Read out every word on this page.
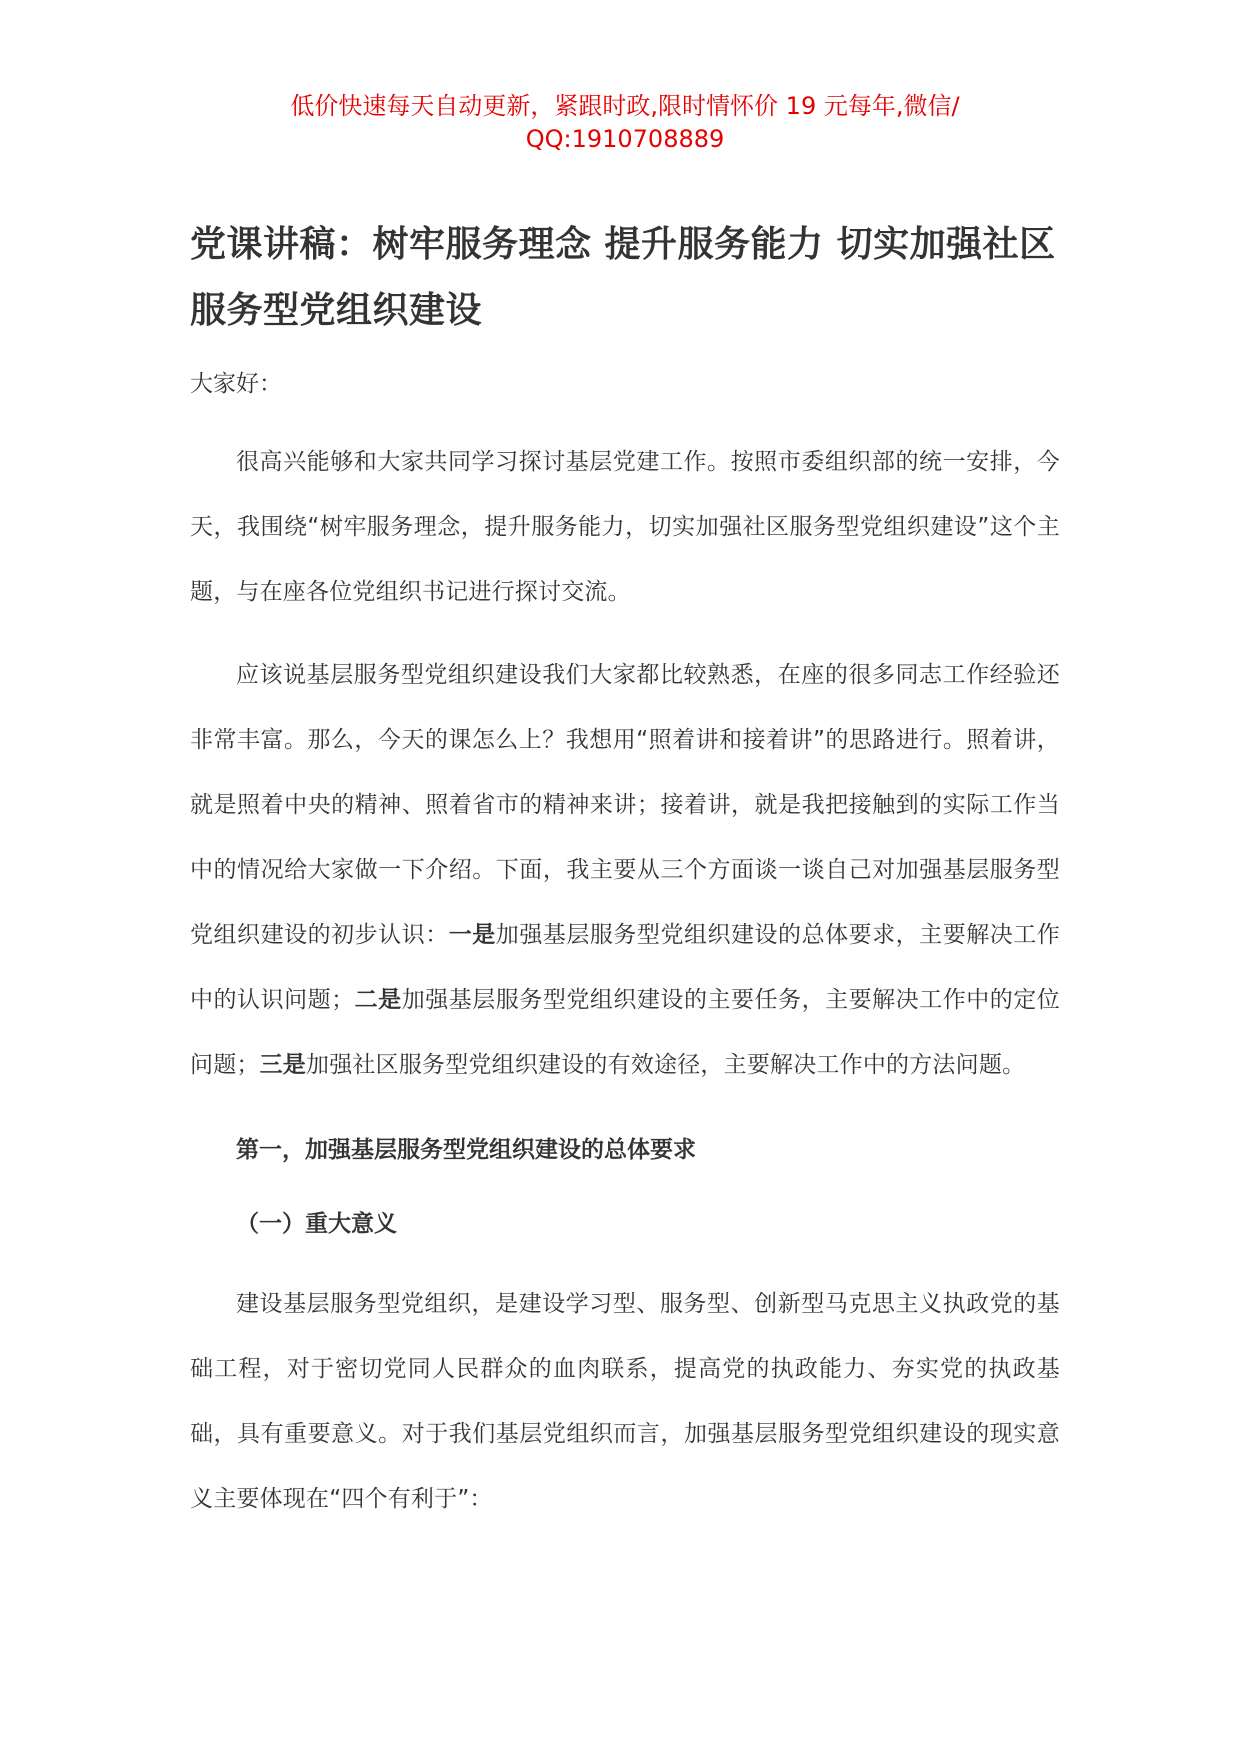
低价快速每天自动更新，紧跟时政,限时情怀价 19 元每年,微信/
QQ:1910708889

党课讲稿：树牢服务理念 提升服务能力 切实加强社区服务型党组织建设

大家好：

很高兴能够和大家共同学习探讨基层党建工作。按照市委组织部的统一安排，今天，我围绕“树牢服务理念，提升服务能力，切实加强社区服务型党组织建设”这个主题，与在座各位党组织书记进行探讨交流。

应该说基层服务型党组织建设我们大家都比较熟悉，在座的很多同志工作经验还非常丰富。那么，今天的课怎么上？我想用“照着讲和接着讲”的思路进行。照着讲，就是照着中央的精神、照着省市的精神来讲；接着讲，就是我把接触到的实际工作当中的情况给大家做一下介绍。下面，我主要从三个方面谈一谈自己对加强基层服务型党组织建设的初步认识：一是加强基层服务型党组织建设的总体要求，主要解决工作中的认识问题；二是加强基层服务型党组织建设的主要任务，主要解决工作中的定位问题；三是加强社区服务型党组织建设的有效途径，主要解决工作中的方法问题。

第一，加强基层服务型党组织建设的总体要求

（一）重大意义

建设基层服务型党组织，是建设学习型、服务型、创新型马克思主义执政党的基础工程，对于密切党同人民群众的血肉联系，提高党的执政能力、夯实党的执政基础，具有重要意义。对于我们基层党组织而言，加强基层服务型党组织建设的现实意义主要体现在“四个有利于”：
